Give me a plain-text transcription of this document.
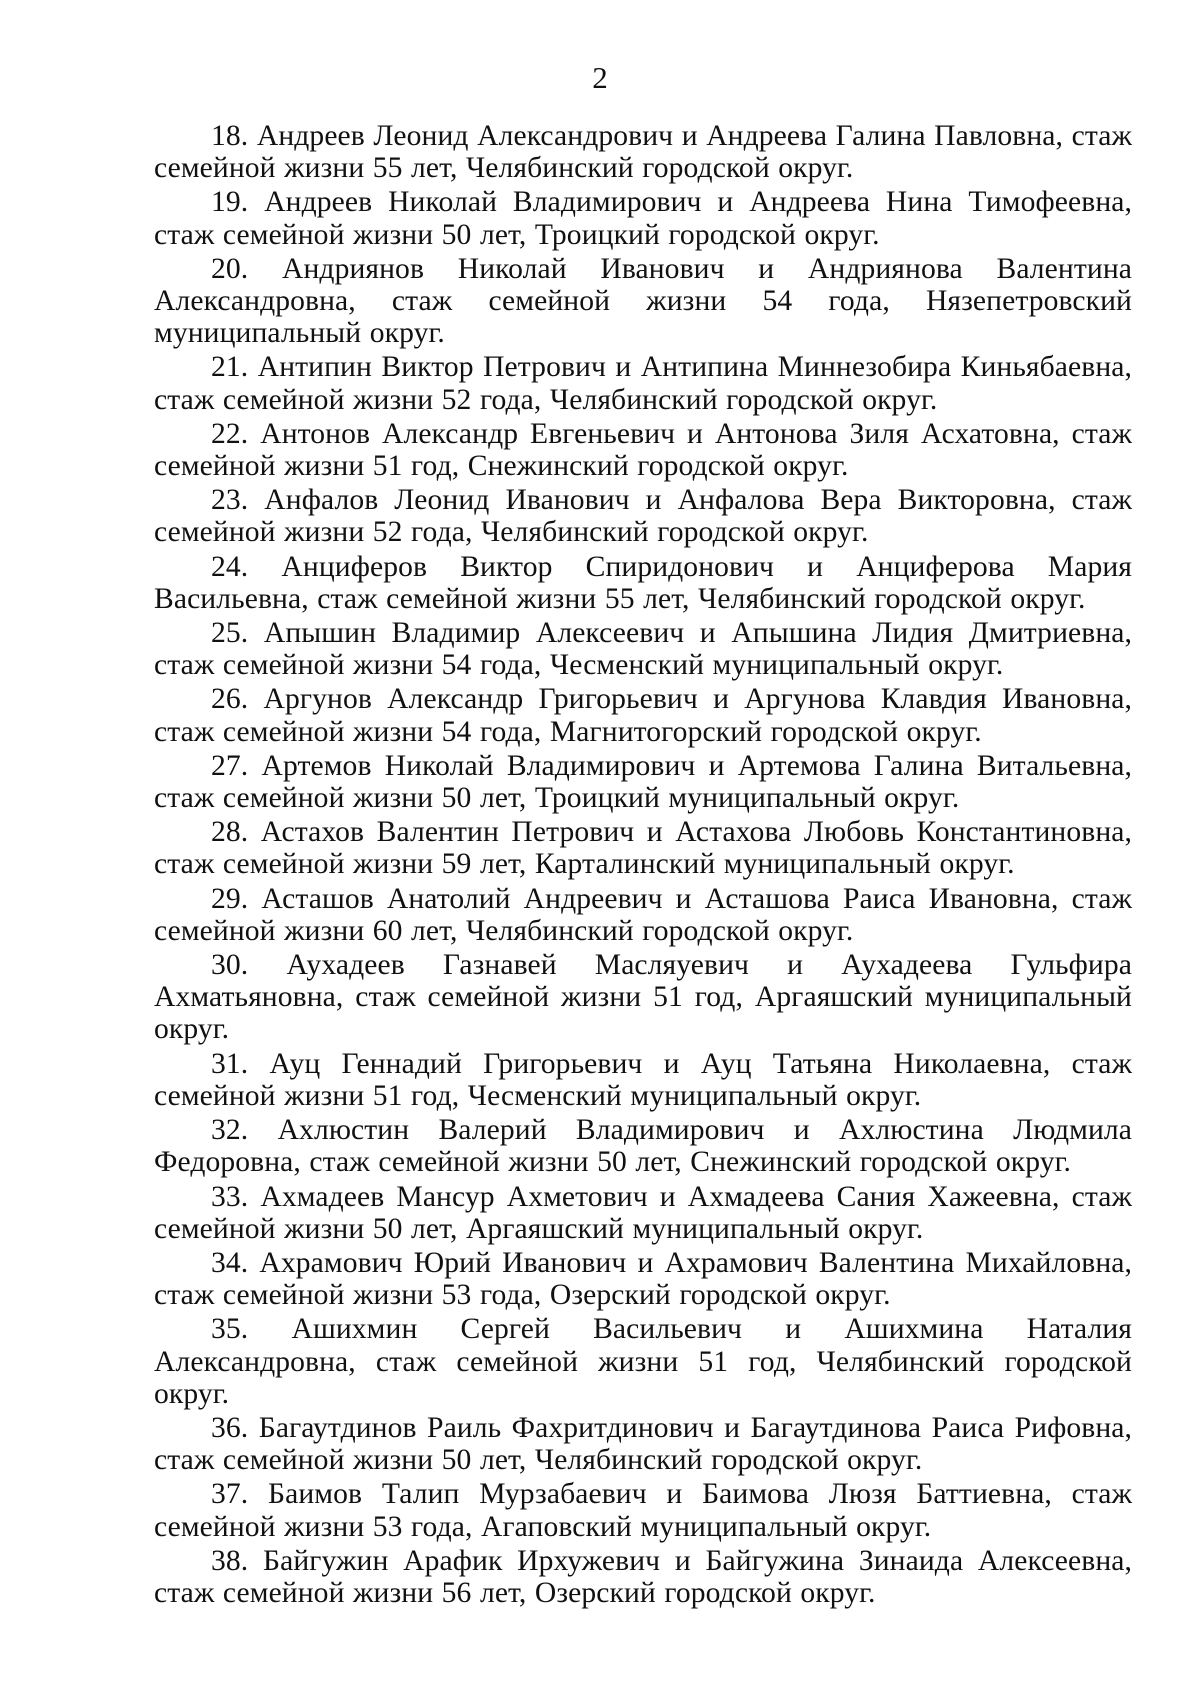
2

18. Андреев Леонид Александрович и Андреева Галина Павловна, стаж семейной жизни 55 лет, Челябинский городской округ.

19. Андреев Николай Владимирович и Андреева Нина Тимофеевна, стаж семейной жизни 50 лет, Троицкий городской округ.

20. Андриянов Николай Иванович и Андриянова Валентина Александровна, стаж семейной жизни 54 года, Нязепетровский муниципальный округ.

21. Антипин Виктор Петрович и Антипина Миннезобира Киньябаевна, стаж семейной жизни 52 года, Челябинский городской округ.

22. Антонов Александр Евгеньевич и Антонова Зиля Асхатовна, стаж семейной жизни 51 год, Снежинский городской округ.

23. Анфалов Леонид Иванович и Анфалова Вера Викторовна, стаж семейной жизни 52 года, Челябинский городской округ.

24. Анциферов Виктор Спиридонович и Анциферова Мария Васильевна, стаж семейной жизни 55 лет, Челябинский городской округ.

25. Апышин Владимир Алексеевич и Апышина Лидия Дмитриевна, стаж семейной жизни 54 года, Чесменский муниципальный округ.

26. Аргунов Александр Григорьевич и Аргунова Клавдия Ивановна, стаж семейной жизни 54 года, Магнитогорский городской округ.

27. Артемов Николай Владимирович и Артемова Галина Витальевна, стаж семейной жизни 50 лет, Троицкий муниципальный округ.

28. Астахов Валентин Петрович и Астахова Любовь Константиновна, стаж семейной жизни 59 лет, Карталинский муниципальный округ.

29. Асташов Анатолий Андреевич и Асташова Раиса Ивановна, стаж семейной жизни 60 лет, Челябинский городской округ.

30. Аухадеев Газнавей Масляуевич и Аухадеева Гульфира Ахматьяновна, стаж семейной жизни 51 год, Аргаяшский муниципальный округ.

31. Ауц Геннадий Григорьевич и Ауц Татьяна Николаевна, стаж семейной жизни 51 год, Чесменский муниципальный округ.

32. Ахлюстин Валерий Владимирович и Ахлюстина Людмила Федоровна, стаж семейной жизни 50 лет, Снежинский городской округ.

33. Ахмадеев Мансур Ахметович и Ахмадеева Сания Хажеевна, стаж семейной жизни 50 лет, Аргаяшский муниципальный округ.

34. Ахрамович Юрий Иванович и Ахрамович Валентина Михайловна, стаж семейной жизни 53 года, Озерский городской округ.

35. Ашихмин Сергей Васильевич и Ашихмина Наталия Александровна, стаж семейной жизни 51 год, Челябинский городской округ.

36. Багаутдинов Раиль Фахритдинович и Багаутдинова Раиса Рифовна, стаж семейной жизни 50 лет, Челябинский городской округ.

37. Баимов Талип Мурзабаевич и Баимова Люзя Баттиевна, стаж семейной жизни 53 года, Агаповский муниципальный округ.

38. Байгужин Арафик Ирхужевич и Байгужина Зинаида Алексеевна, стаж семейной жизни 56 лет, Озерский городской округ.
